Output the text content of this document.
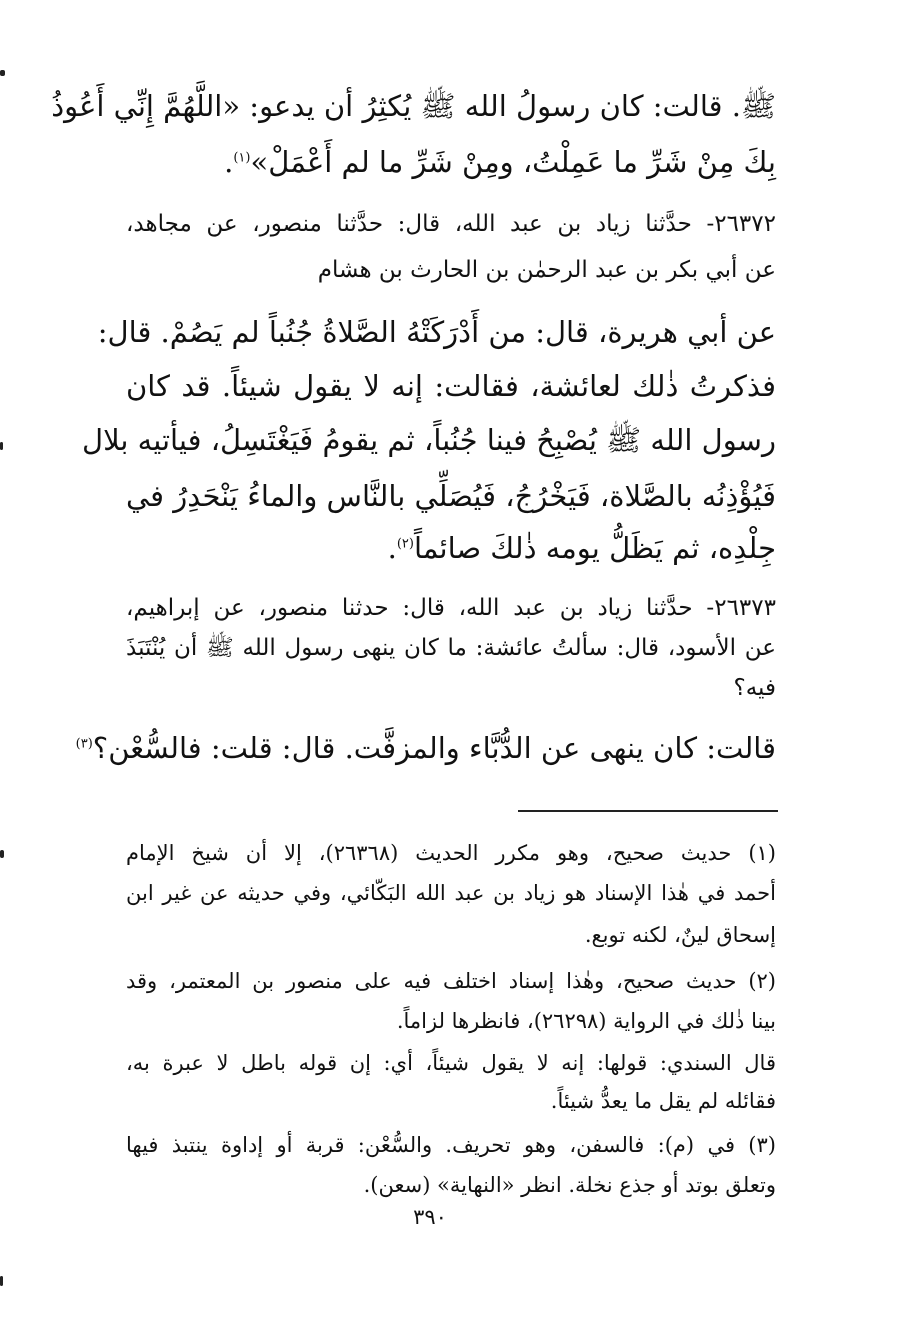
ﷺ. قالت: كان رسولُ الله ﷺ يُكثِرُ أن يدعو: «اللَّهُمَّ إِنِّي أَعُوذُ
بِكَ مِنْ شَرِّ ما عَمِلْتُ، ومِنْ شَرِّ ما لم أَعْمَلْ»$^{(١)}$.
٢٦٣٧٢- حدَّثنا زياد بن عبد الله، قال: حدَّثنا منصور، عن مجاهد،
عن أبي بكر بن عبد الرحمٰن بن الحارث بن هشام
عن أبي هريرة، قال: من أَدْرَكَتْهُ الصَّلاةُ جُنُباً لم يَصُمْ. قال:
فذكرتُ ذٰلك لعائشة، فقالت: إنه لا يقول شيئاً. قد كان
رسول الله ﷺ يُصْبِحُ فينا جُنُباً، ثم يقومُ فَيَغْتَسِلُ، فيأتيه بلال
فَيُؤْذِنُه بالصَّلاة، فَيَخْرُجُ، فَيُصَلِّي بالنَّاس والماءُ يَنْحَدِرُ في
جِلْدِه، ثم يَظَلُّ يومه ذٰلكَ صائماً$^{(٢)}$.
٢٦٣٧٣- حدَّثنا زياد بن عبد الله، قال: حدثنا منصور، عن إبراهيم،
عن الأسود، قال: سألتُ عائشة: ما كان ينهى رسول الله ﷺ أن يُنْتَبَذَ
فيه؟
قالت: كان ينهى عن الدُّبَّاء والمزفَّت. قال: قلت: فالسُّعْن؟$^{(٣)}$
(١) حديث صحيح، وهو مكرر الحديث (٢٦٣٦٨)، إلا أن شيخ الإمام
أحمد في هٰذا الإسناد هو زياد بن عبد الله البَكّائي، وفي حديثه عن غير ابن
إسحاق لينٌ، لكنه توبع.
(٢) حديث صحيح، وهٰذا إسناد اختلف فيه على منصور بن المعتمر، وقد
بينا ذٰلك في الرواية (٢٦٢٩٨)، فانظرها لزاماً.
قال السندي: قولها: إنه لا يقول شيئاً، أي: إن قوله باطل لا عبرة به،
فقائله لم يقل ما يعدُّ شيئاً.
(٣) في (م): فالسفن، وهو تحريف. والسُّعْن: قربة أو إداوة ينتبذ فيها
وتعلق بوتد أو جذع نخلة. انظر «النهاية» (سعن).
٣٩٠
